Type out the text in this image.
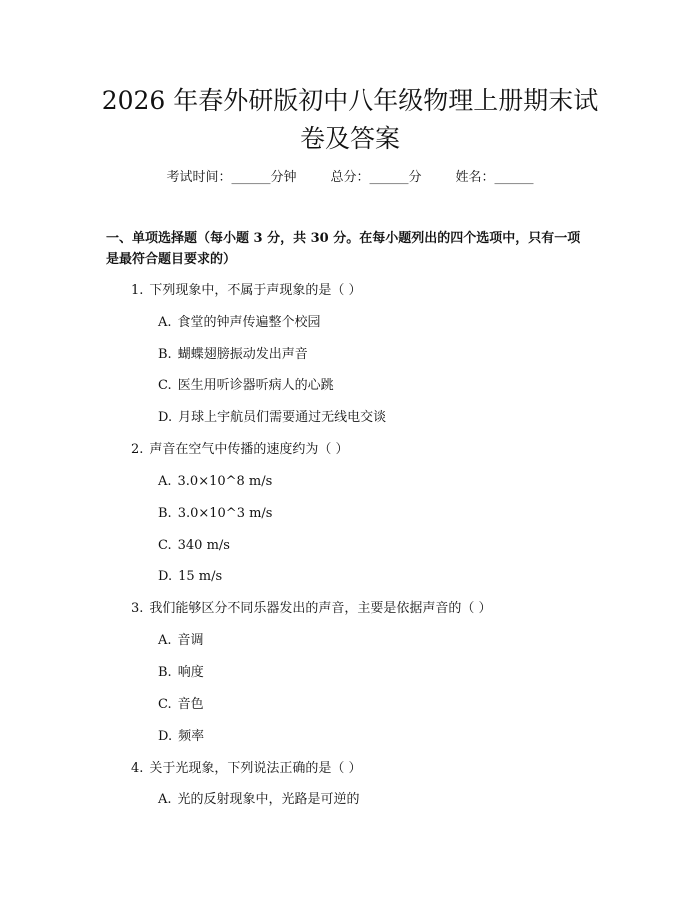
2026 年春外研版初中八年级物理上册期末试
卷及答案
考试时间：______分钟	总分：______分	姓名：______
一、单项选择题（每小题 3 分，共 30 分。在每小题列出的四个选项中，只有一项
是最符合题目要求的）
1. 下列现象中，不属于声现象的是（ ）
A. 食堂的钟声传遍整个校园
B. 蝴蝶翅膀振动发出声音
C. 医生用听诊器听病人的心跳
D. 月球上宇航员们需要通过无线电交谈
2. 声音在空气中传播的速度约为（ ）
A. 3.0×10^8 m/s
B. 3.0×10^3 m/s
C. 340 m/s
D. 15 m/s
3. 我们能够区分不同乐器发出的声音，主要是依据声音的（ ）
A. 音调
B. 响度
C. 音色
D. 频率
4. 关于光现象，下列说法正确的是（ ）
A. 光的反射现象中，光路是可逆的
